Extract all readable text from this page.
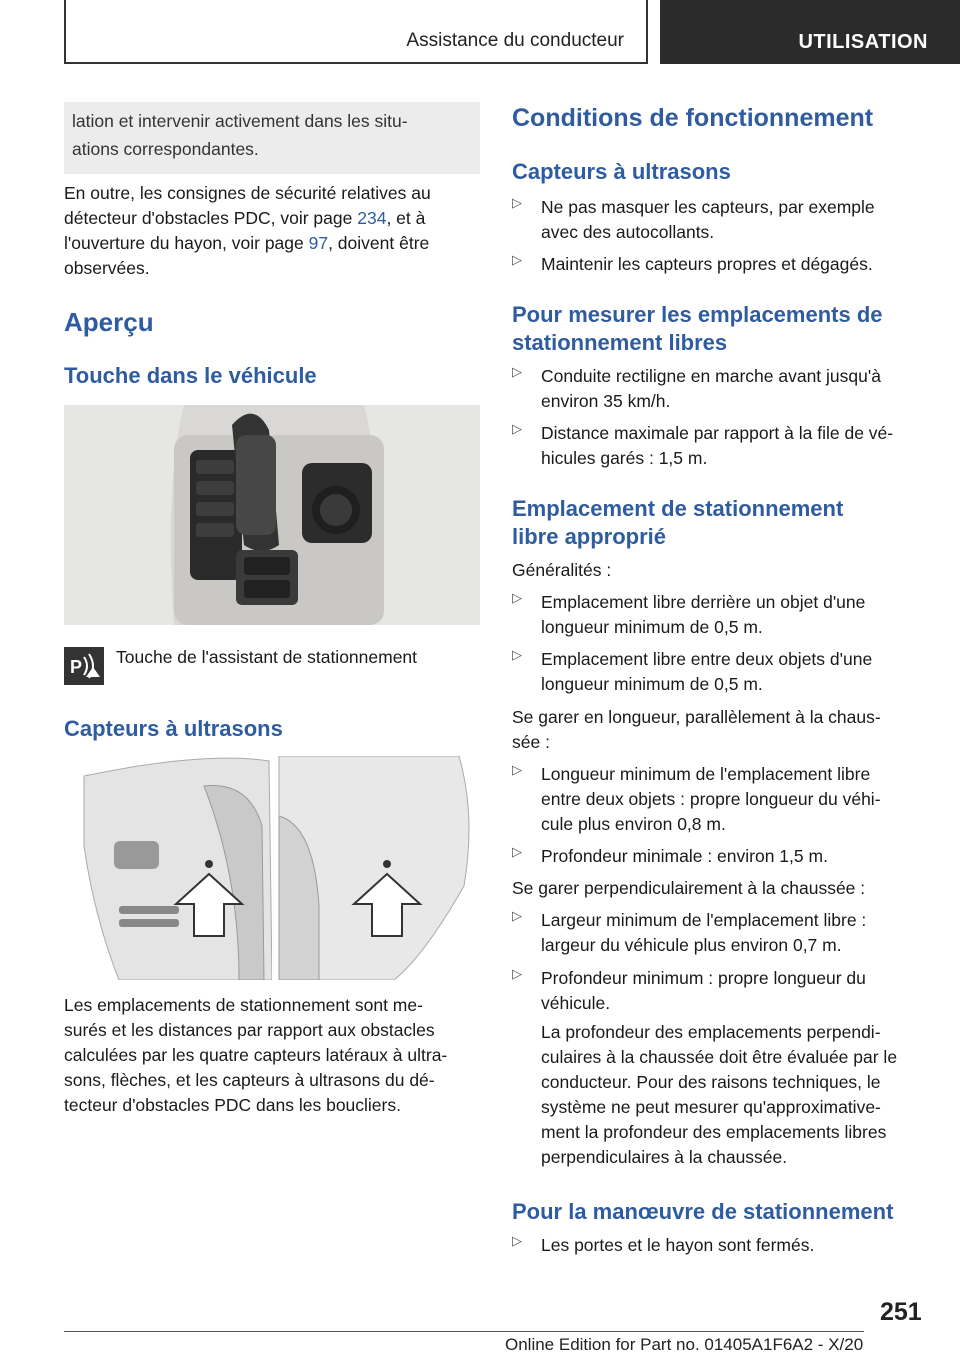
Assistance du conducteur	UTILISATION

lation et intervenir activement dans les situ-
ations correspondantes.

En outre, les consignes de sécurité relatives au
détecteur d'obstacles PDC, voir page 234, et à
l'ouverture du hayon, voir page 97, doivent être
observées.

Aperçu
Touche dans le véhicule
P Touche de l'assistant de stationnement
Capteurs à ultrasons

Les emplacements de stationnement sont me-
surés et les distances par rapport aux obstacles
calculées par les quatre capteurs latéraux à ultra-
sons, flèches, et les capteurs à ultrasons du dé-
tecteur d'obstacles PDC dans les boucliers.

Conditions de fonctionnement
Capteurs à ultrasons
▷ Ne pas masquer les capteurs, par exemple
avec des autocollants.
▷ Maintenir les capteurs propres et dégagés.
Pour mesurer les emplacements de
stationnement libres
▷ Conduite rectiligne en marche avant jusqu'à
environ 35 km/h.
▷ Distance maximale par rapport à la file de vé-
hicules garés : 1,5 m.
Emplacement de stationnement
libre approprié
Généralités :
▷ Emplacement libre derrière un objet d'une
longueur minimum de 0,5 m.
▷ Emplacement libre entre deux objets d'une
longueur minimum de 0,5 m.
Se garer en longueur, parallèlement à la chaus-
sée :
▷ Longueur minimum de l'emplacement libre
entre deux objets : propre longueur du véhi-
cule plus environ 0,8 m.
▷ Profondeur minimale : environ 1,5 m.
Se garer perpendiculairement à la chaussée :
▷ Largeur minimum de l'emplacement libre :
largeur du véhicule plus environ 0,7 m.
▷ Profondeur minimum : propre longueur du
véhicule.
La profondeur des emplacements perpendi-
culaires à la chaussée doit être évaluée par le
conducteur. Pour des raisons techniques, le
système ne peut mesurer qu'approximative-
ment la profondeur des emplacements libres
perpendiculaires à la chaussée.
Pour la manœuvre de stationnement
▷ Les portes et le hayon sont fermés.
251
Online Edition for Part no. 01405A1F6A2 - X/20
